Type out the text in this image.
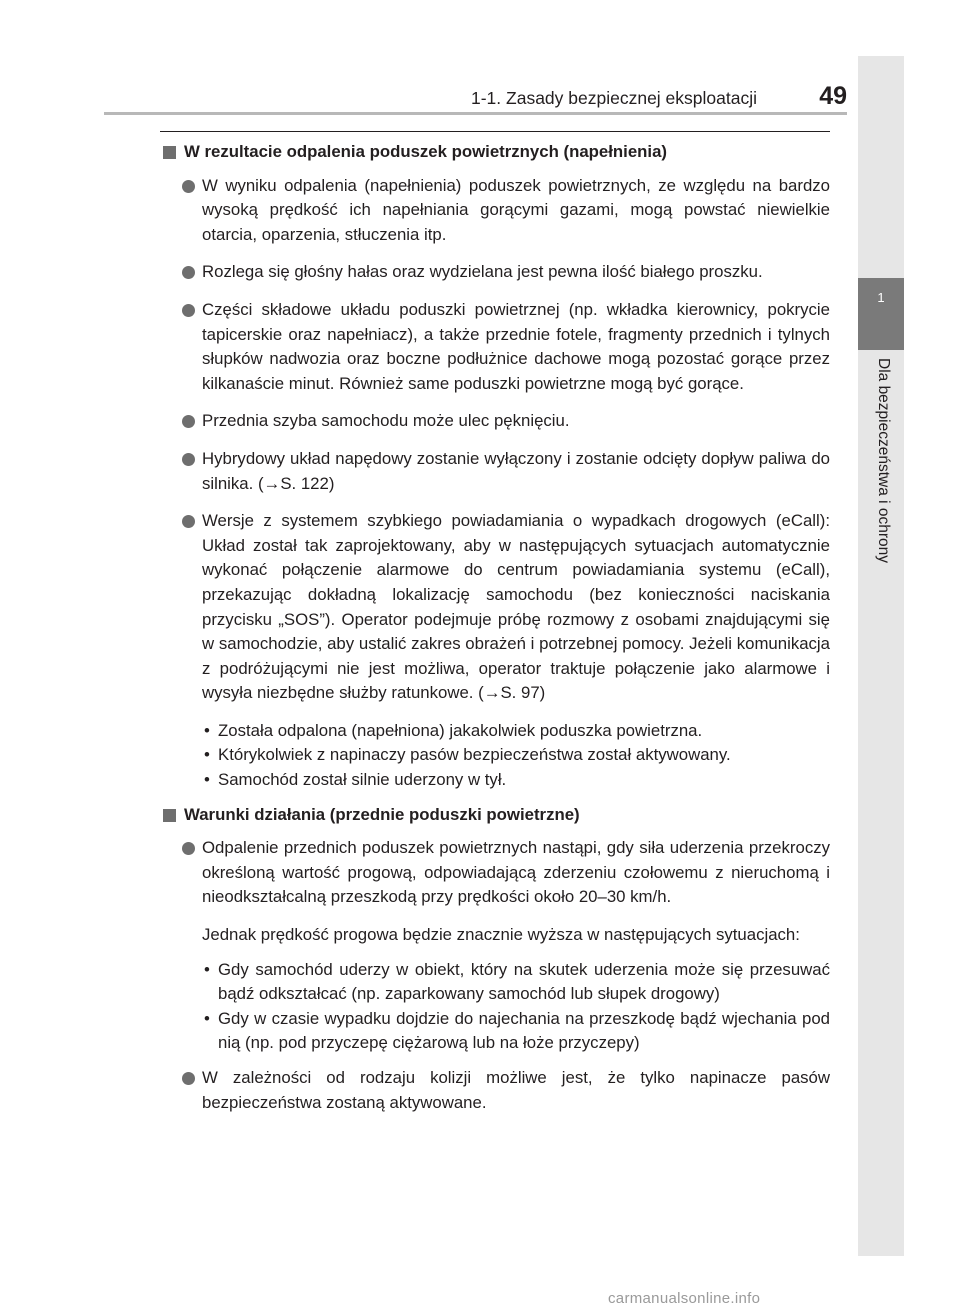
1-1. Zasady bezpiecznej eksploatacji 49
1
Dla bezpieczeństwa i ochrony
W rezultacie odpalenia poduszek powietrznych (napełnienia)
W wyniku odpalenia (napełnienia) poduszek powietrznych, ze względu na bardzo wysoką prędkość ich napełniania gorącymi gazami, mogą powstać niewielkie otarcia, oparzenia, stłuczenia itp.
Rozlega się głośny hałas oraz wydzielana jest pewna ilość białego proszku.
Części składowe układu poduszki powietrznej (np. wkładka kierownicy, pokrycie tapicerskie oraz napełniacz), a także przednie fotele, fragmenty przednich i tylnych słupków nadwozia oraz boczne podłużnice dachowe mogą pozostać gorące przez kilkanaście minut. Również same poduszki powietrzne mogą być gorące.
Przednia szyba samochodu może ulec pęknięciu.
Hybrydowy układ napędowy zostanie wyłączony i zostanie odcięty dopływ paliwa do silnika. (→S. 122)
Wersje z systemem szybkiego powiadamiania o wypadkach drogowych (eCall): Układ został tak zaprojektowany, aby w następujących sytuacjach automatycznie wykonać połączenie alarmowe do centrum powiadamiania systemu (eCall), przekazując dokładną lokalizację samochodu (bez konieczności naciskania przycisku „SOS”). Operator podejmuje próbę rozmowy z osobami znajdującymi się w samochodzie, aby ustalić zakres obrażeń i potrzebnej pomocy. Jeżeli komunikacja z podróżującymi nie jest możliwa, operator traktuje połączenie jako alarmowe i wysyła niezbędne służby ratunkowe. (→S. 97)
• Została odpalona (napełniona) jakakolwiek poduszka powietrzna.
• Którykolwiek z napinaczy pasów bezpieczeństwa został aktywowany.
• Samochód został silnie uderzony w tył.
Warunki działania (przednie poduszki powietrzne)
Odpalenie przednich poduszek powietrznych nastąpi, gdy siła uderzenia przekroczy określoną wartość progową, odpowiadającą zderzeniu czołowemu z nieruchomą i nieodkształcalną przeszkodą przy prędkości około 20–30 km/h.
Jednak prędkość progowa będzie znacznie wyższa w następujących sytuacjach:
• Gdy samochód uderzy w obiekt, który na skutek uderzenia może się przesuwać bądź odkształcać (np. zaparkowany samochód lub słupek drogowy)
• Gdy w czasie wypadku dojdzie do najechania na przeszkodę bądź wjechania pod nią (np. pod przyczepę ciężarową lub na łoże przyczepy)
W zależności od rodzaju kolizji możliwe jest, że tylko napinacze pasów bezpieczeństwa zostaną aktywowane.
carmanualsonline.info
